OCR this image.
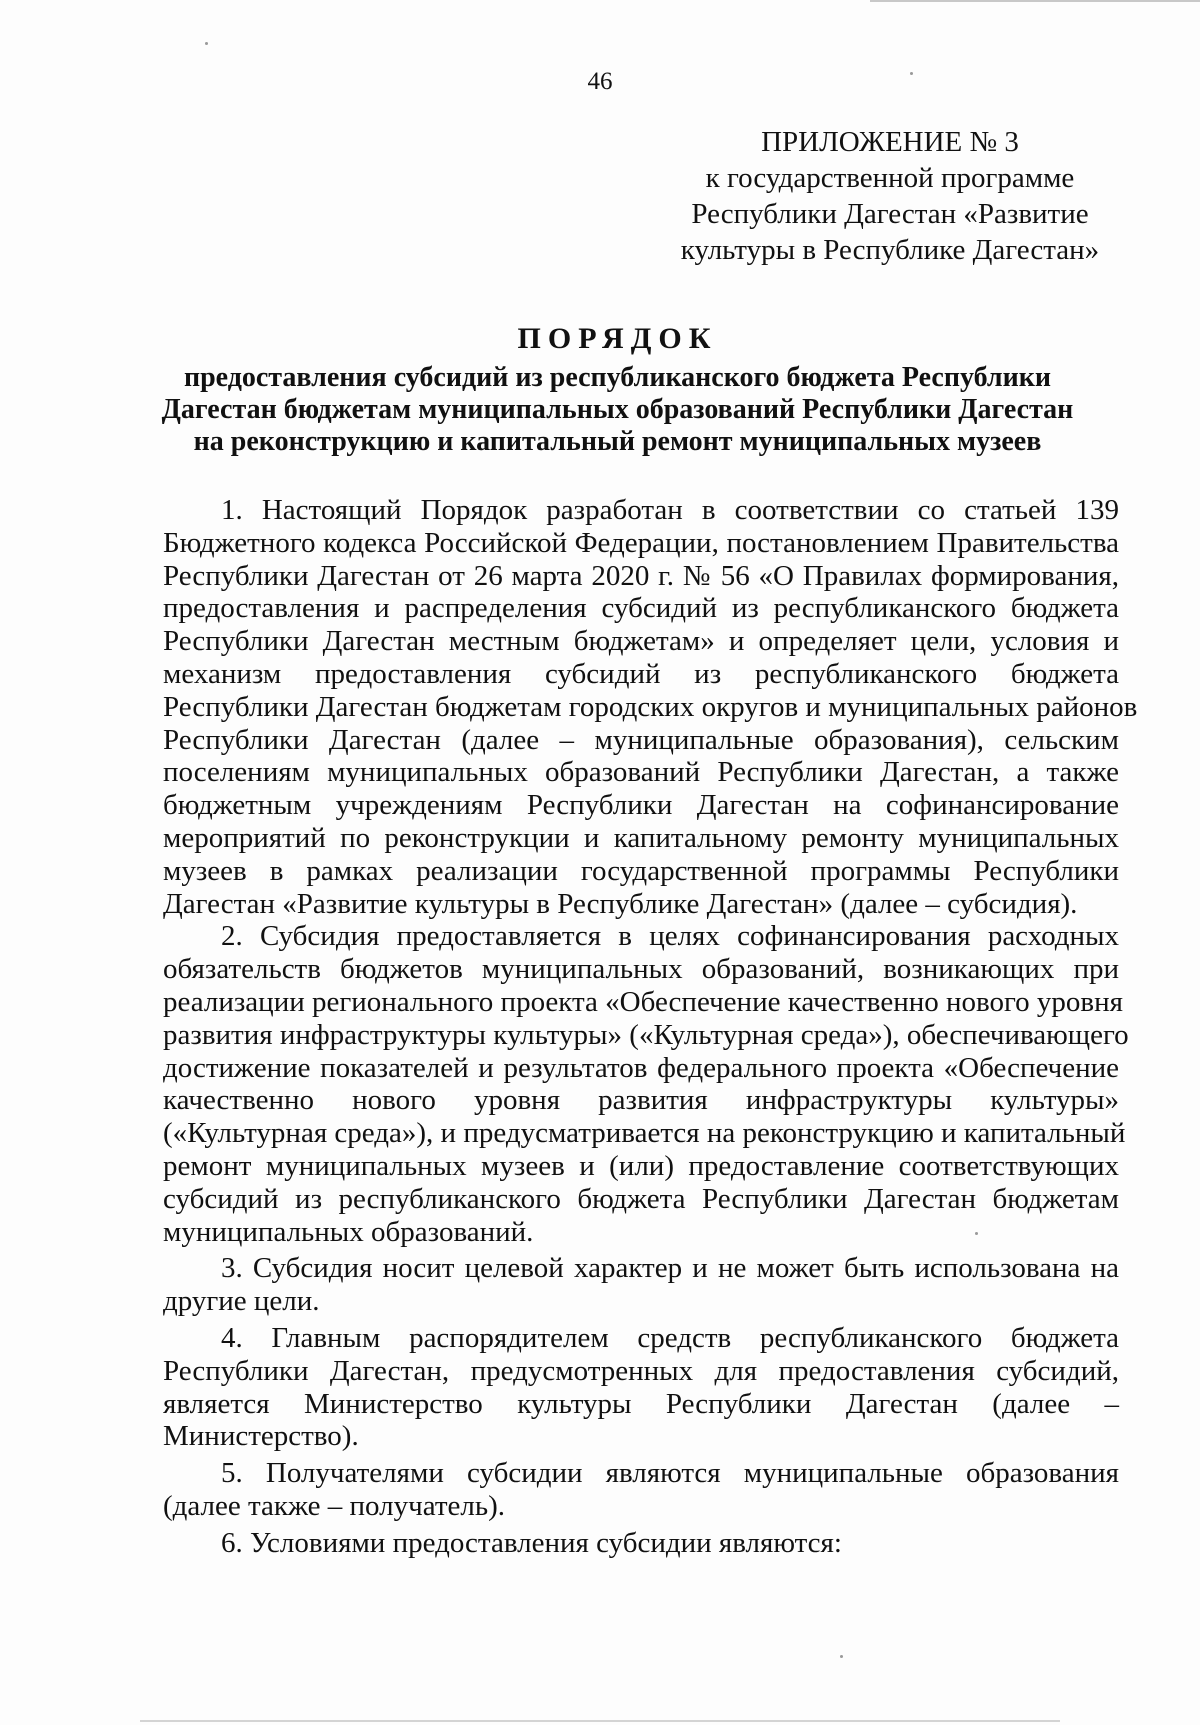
46
ПРИЛОЖЕНИЕ № 3
к государственной программе
Республики Дагестан «Развитие
культуры в Республике Дагестан»
ПОРЯДОК
предоставления субсидий из республиканского бюджета Республики
Дагестан бюджетам муниципальных образований Республики Дагестан
на реконструкцию и капитальный ремонт муниципальных музеев
1. Настоящий Порядок разработан в соответствии со статьей 139
Бюджетного кодекса Российской Федерации, постановлением Правительства
Республики Дагестан от 26 марта 2020 г. № 56 «О Правилах формирования,
предоставления и распределения субсидий из республиканского бюджета
Республики Дагестан местным бюджетам» и определяет цели, условия и
механизм предоставления субсидий из республиканского бюджета
Республики Дагестан бюджетам городских округов и муниципальных районов
Республики Дагестан (далее – муниципальные образования), сельским
поселениям муниципальных образований Республики Дагестан, а также
бюджетным учреждениям Республики Дагестан на софинансирование
мероприятий по реконструкции и капитальному ремонту муниципальных
музеев в рамках реализации государственной программы Республики
Дагестан «Развитие культуры в Республике Дагестан» (далее – субсидия).
2. Субсидия предоставляется в целях софинансирования расходных
обязательств бюджетов муниципальных образований, возникающих при
реализации регионального проекта «Обеспечение качественно нового уровня
развития инфраструктуры культуры» («Культурная среда»), обеспечивающего
достижение показателей и результатов федерального проекта «Обеспечение
качественно нового уровня развития инфраструктуры культуры»
(«Культурная среда»), и предусматривается на реконструкцию и капитальный
ремонт муниципальных музеев и (или) предоставление соответствующих
субсидий из республиканского бюджета Республики Дагестан бюджетам
муниципальных образований.
3. Субсидия носит целевой характер и не может быть использована на
другие цели.
4. Главным распорядителем средств республиканского бюджета
Республики Дагестан, предусмотренных для предоставления субсидий,
является Министерство культуры Республики Дагестан (далее –
Министерство).
5. Получателями субсидии являются муниципальные образования
(далее также – получатель).
6. Условиями предоставления субсидии являются:
